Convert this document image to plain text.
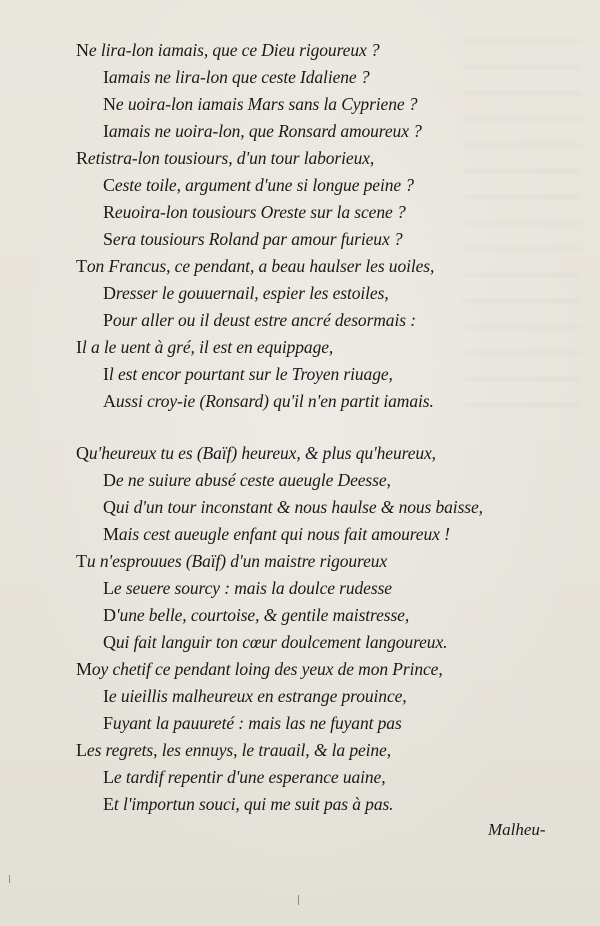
Ne lira-lon iamais, que ce Dieu rigoureux ?
Iamais ne lira-lon que ceste Idaliene ?
Ne uoira-lon iamais Mars sans la Cypriene ?
Iamais ne uoira-lon, que Ronsard amoureux ?
Retistra-lon tousiours, d'un tour laborieux,
Ceste toile, argument d'une si longue peine ?
Reuoira-lon tousiours Oreste sur la scene ?
Sera tousiours Roland par amour furieux ?
Ton Francus, ce pendant, a beau haulser les uoiles,
Dresser le gouuernail, espier les estoiles,
Pour aller ou il deust estre ancré desormais :
Il a le uent à gré, il est en equippage,
Il est encor pourtant sur le Troyen riuage,
Aussi croy-ie (Ronsard) qu'il n'en partit iamais.
Qu'heureux tu es (Baïf) heureux, & plus qu'heureux,
De ne suiure abusé ceste aueugle Deesse,
Qui d'un tour inconstant & nous haulse & nous baisse,
Mais cest aueugle enfant qui nous fait amoureux !
Tu n'esprouues (Baïf) d'un maistre rigoureux
Le seuere sourcy : mais la doulce rudesse
D'une belle, courtoise, & gentile maistresse,
Qui fait languir ton cœur doulcement langoureux.
Moy chetif ce pendant loing des yeux de mon Prince,
Ie uieillis malheureux en estrange prouince,
Fuyant la pauureté : mais las ne fuyant pas
Les regrets, les ennuys, le trauail, & la peine,
Le tardif repentir d'une esperance uaine,
Et l'importun souci, qui me suit pas à pas.
Malheu-
